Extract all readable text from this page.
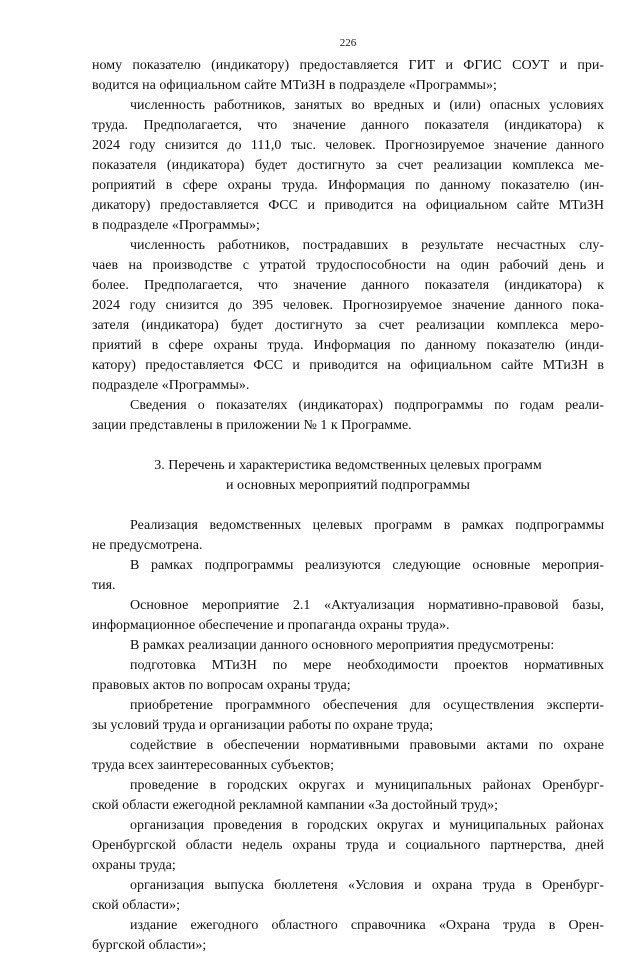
226
ному показателю (индикатору) предоставляется ГИТ и ФГИС СОУТ и при-
водится на официальном сайте МТиЗН в подразделе «Программы»;
численность работников, занятых во вредных и (или) опасных условиях
труда. Предполагается, что значение данного показателя (индикатора) к
2024 году снизится до 111,0 тыс. человек. Прогнозируемое значение данного
показателя (индикатора) будет достигнуто за счет реализации комплекса ме-
роприятий в сфере охраны труда. Информация по данному показателю (ин-
дикатору) предоставляется ФСС и приводится на официальном сайте МТиЗН
в подразделе «Программы»;
численность работников, пострадавших в результате несчастных слу-
чаев на производстве с утратой трудоспособности на один рабочий день и
более. Предполагается, что значение данного показателя (индикатора) к
2024 году снизится до 395 человек. Прогнозируемое значение данного пока-
зателя (индикатора) будет достигнуто за счет реализации комплекса меро-
приятий в сфере охраны труда. Информация по данному показателю (инди-
катору) предоставляется ФСС и приводится на официальном сайте МТиЗН в
подразделе «Программы».
Сведения о показателях (индикаторах) подпрограммы по годам реали-
зации представлены в приложении № 1 к Программе.
3. Перечень и характеристика ведомственных целевых программ
и основных мероприятий подпрограммы
Реализация ведомственных целевых программ в рамках подпрограммы
не предусмотрена.
В рамках подпрограммы реализуются следующие основные мероприя-
тия.
Основное мероприятие 2.1 «Актуализация нормативно-правовой базы,
информационное обеспечение и пропаганда охраны труда».
В рамках реализации данного основного мероприятия предусмотрены:
подготовка МТиЗН по мере необходимости проектов нормативных
правовых актов по вопросам охраны труда;
приобретение программного обеспечения для осуществления эксперти-
зы условий труда и организации работы по охране труда;
содействие в обеспечении нормативными правовыми актами по охране
труда всех заинтересованных субъектов;
проведение в городских округах и муниципальных районах Оренбург-
ской области ежегодной рекламной кампании «За достойный труд»;
организация проведения в городских округах и муниципальных районах
Оренбургской области недель охраны труда и социального партнерства, дней
охраны труда;
организация выпуска бюллетеня «Условия и охрана труда в Оренбург-
ской области»;
издание ежегодного областного справочника «Охрана труда в Орен-
бургской области»;
